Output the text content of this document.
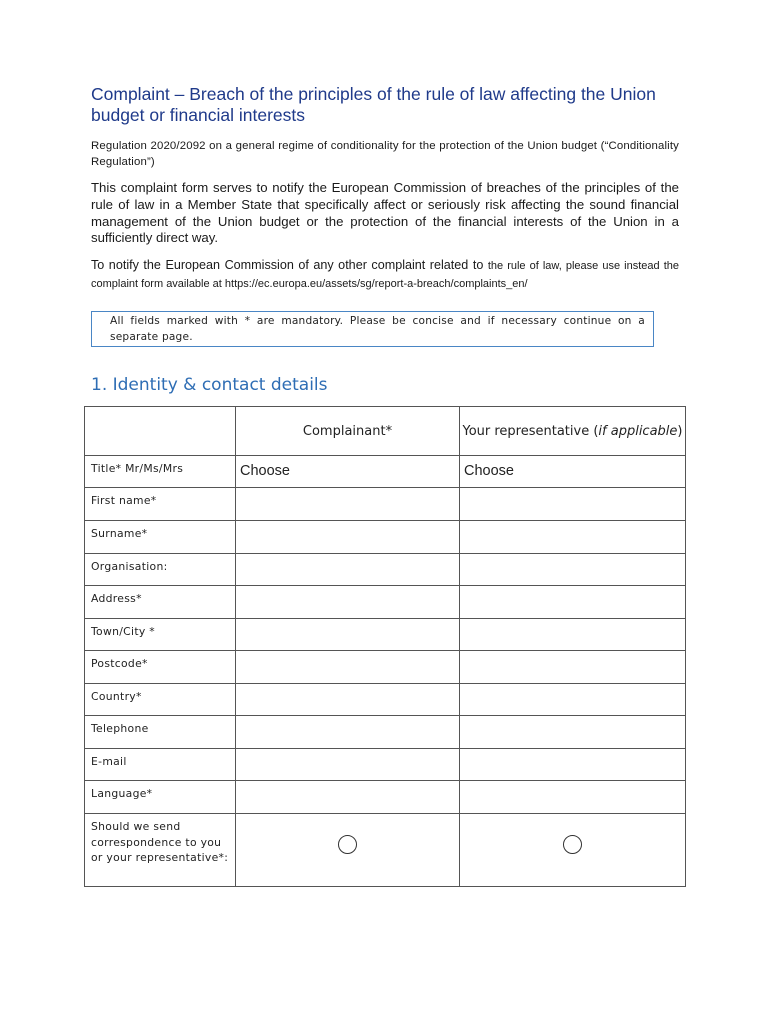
Complaint – Breach of the principles of the rule of law affecting the Union budget or financial interests

Regulation 2020/2092 on a general regime of conditionality for the protection of the Union budget (“Conditionality Regulation”)

This complaint form serves to notify the European Commission of breaches of the principles of the rule of law in a Member State that specifically affect or seriously risk affecting the sound financial management of the Union budget or the protection of the financial interests of the Union in a sufficiently direct way.

To notify the European Commission of any other complaint related to the rule of law, please use instead the complaint form available at https://ec.europa.eu/assets/sg/report-a-breach/complaints_en/

All fields marked with * are mandatory. Please be concise and if necessary continue on a separate page.
1. Identity & contact details
	Complainant*	Your representative (if applicable)
Title* Mr/Ms/Mrs	Choose	Choose
First name*		
Surname*		
Organisation:		
Address*		
Town/City *		
Postcode*		
Country*		
Telephone		
E-mail		
Language*		
Should we send correspondence to you or your representative*:		
